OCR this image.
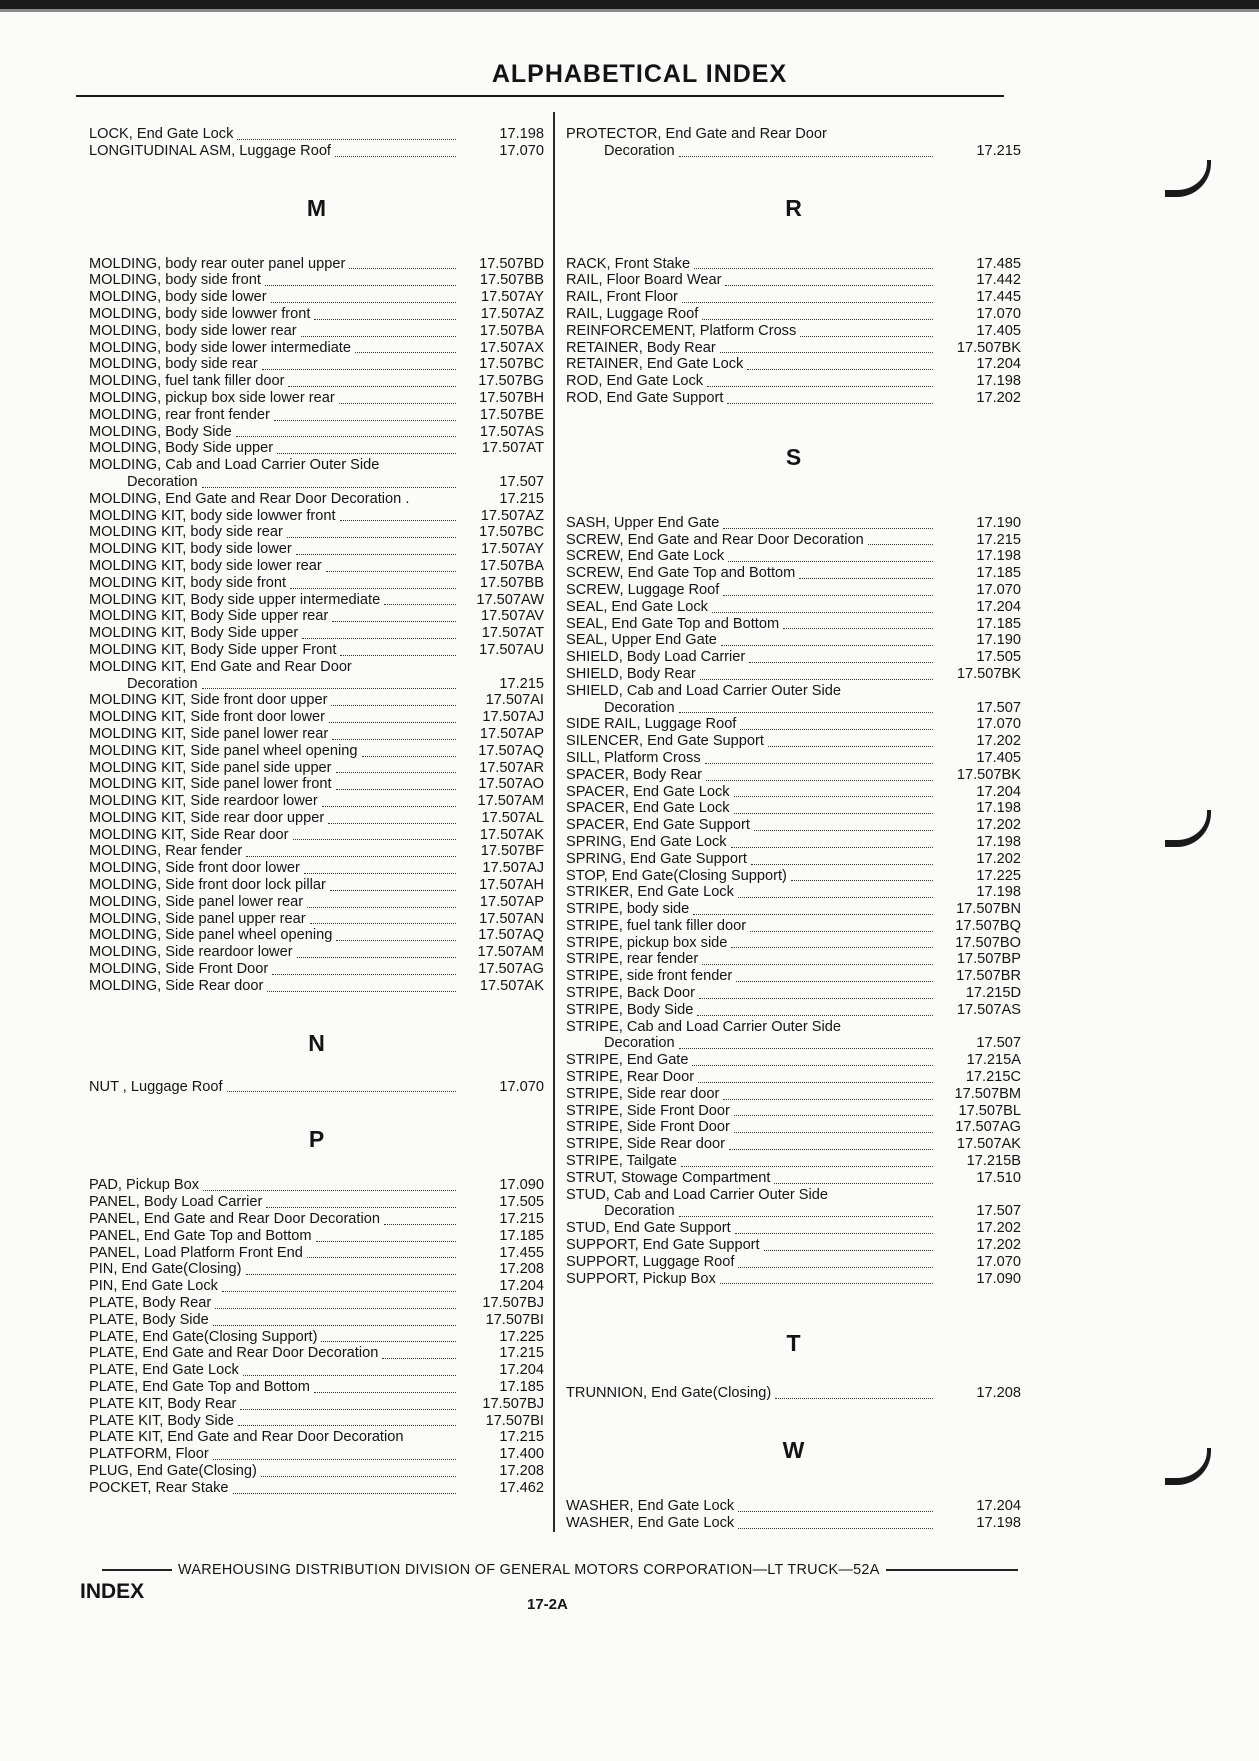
ALPHABETICAL INDEX
LOCK, End Gate Lock	17.198
LONGITUDINAL ASM, Luggage Roof	17.070
M
MOLDING, body rear outer panel upper	17.507BD
MOLDING, body side front	17.507BB
MOLDING, body side lower	17.507AY
MOLDING, body side lowwer front	17.507AZ
MOLDING, body side lower rear	17.507BA
MOLDING, body side lower intermediate	17.507AX
MOLDING, body side rear	17.507BC
MOLDING, fuel tank filler door	17.507BG
MOLDING, pickup box side lower rear	17.507BH
MOLDING, rear front fender	17.507BE
MOLDING, Body Side	17.507AS
MOLDING, Body Side upper	17.507AT
MOLDING, Cab and Load Carrier Outer Side
Decoration	17.507
MOLDING, End Gate and Rear Door Decoration .	17.215
MOLDING KIT, body side lowwer front	17.507AZ
MOLDING KIT, body side rear	17.507BC
MOLDING KIT, body side lower	17.507AY
MOLDING KIT, body side lower rear	17.507BA
MOLDING KIT, body side front	17.507BB
MOLDING KIT, Body side upper intermediate	17.507AW
MOLDING KIT, Body Side upper rear	17.507AV
MOLDING KIT, Body Side upper	17.507AT
MOLDING KIT, Body Side upper Front	17.507AU
MOLDING KIT, End Gate and Rear Door
Decoration	17.215
MOLDING KIT, Side front door upper	17.507AI
MOLDING KIT, Side front door lower	17.507AJ
MOLDING KIT, Side panel lower rear	17.507AP
MOLDING KIT, Side panel wheel opening	17.507AQ
MOLDING KIT, Side panel side upper	17.507AR
MOLDING KIT, Side panel lower front	17.507AO
MOLDING KIT, Side reardoor lower	17.507AM
MOLDING KIT, Side rear door upper	17.507AL
MOLDING KIT, Side Rear door	17.507AK
MOLDING, Rear fender	17.507BF
MOLDING, Side front door lower	17.507AJ
MOLDING, Side front door lock pillar	17.507AH
MOLDING, Side panel lower rear	17.507AP
MOLDING, Side panel upper rear	17.507AN
MOLDING, Side panel wheel opening	17.507AQ
MOLDING, Side reardoor lower	17.507AM
MOLDING, Side Front Door	17.507AG
MOLDING, Side Rear door	17.507AK
N
NUT , Luggage Roof	17.070
P
PAD, Pickup Box	17.090
PANEL, Body Load Carrier	17.505
PANEL, End Gate and Rear Door Decoration	17.215
PANEL, End Gate Top and Bottom	17.185
PANEL, Load Platform Front End	17.455
PIN, End Gate(Closing)	17.208
PIN, End Gate Lock	17.204
PLATE, Body Rear	17.507BJ
PLATE, Body Side	17.507BI
PLATE, End Gate(Closing Support)	17.225
PLATE, End Gate and Rear Door Decoration	17.215
PLATE, End Gate Lock	17.204
PLATE, End Gate Top and Bottom	17.185
PLATE KIT, Body Rear	17.507BJ
PLATE KIT, Body Side	17.507BI
PLATE KIT, End Gate and Rear Door Decoration	17.215
PLATFORM, Floor	17.400
PLUG, End Gate(Closing)	17.208
POCKET, Rear Stake	17.462
PROTECTOR, End Gate and Rear Door
Decoration	17.215
R
RACK, Front Stake	17.485
RAIL, Floor Board Wear	17.442
RAIL, Front Floor	17.445
RAIL, Luggage Roof	17.070
REINFORCEMENT, Platform Cross	17.405
RETAINER, Body Rear	17.507BK
RETAINER, End Gate Lock	17.204
ROD, End Gate Lock	17.198
ROD, End Gate Support	17.202
S
SASH, Upper End Gate	17.190
SCREW, End Gate and Rear Door Decoration	17.215
SCREW, End Gate Lock	17.198
SCREW, End Gate Top and Bottom	17.185
SCREW, Luggage Roof	17.070
SEAL, End Gate Lock	17.204
SEAL, End Gate Top and Bottom	17.185
SEAL, Upper End Gate	17.190
SHIELD, Body Load Carrier	17.505
SHIELD, Body Rear	17.507BK
SHIELD, Cab and Load Carrier Outer Side
Decoration	17.507
SIDE RAIL, Luggage Roof	17.070
SILENCER, End Gate Support	17.202
SILL, Platform Cross	17.405
SPACER, Body Rear	17.507BK
SPACER, End Gate Lock	17.204
SPACER, End Gate Lock	17.198
SPACER, End Gate Support	17.202
SPRING, End Gate Lock	17.198
SPRING, End Gate Support	17.202
STOP, End Gate(Closing Support)	17.225
STRIKER, End Gate Lock	17.198
STRIPE, body side	17.507BN
STRIPE, fuel tank filler door	17.507BQ
STRIPE, pickup box side	17.507BO
STRIPE, rear fender	17.507BP
STRIPE, side front fender	17.507BR
STRIPE, Back Door	17.215D
STRIPE, Body Side	17.507AS
STRIPE, Cab and Load Carrier Outer Side
Decoration	17.507
STRIPE, End Gate	17.215A
STRIPE, Rear Door	17.215C
STRIPE, Side rear door	17.507BM
STRIPE, Side Front Door	17.507BL
STRIPE, Side Front Door	17.507AG
STRIPE, Side Rear door	17.507AK
STRIPE, Tailgate	17.215B
STRUT, Stowage Compartment	17.510
STUD, Cab and Load Carrier Outer Side
Decoration	17.507
STUD, End Gate Support	17.202
SUPPORT, End Gate Support	17.202
SUPPORT, Luggage Roof	17.070
SUPPORT, Pickup Box	17.090
T
TRUNNION, End Gate(Closing)	17.208
W
WASHER, End Gate Lock	17.204
WASHER, End Gate Lock	17.198
WAREHOUSING DISTRIBUTION DIVISION OF GENERAL MOTORS CORPORATION—LT TRUCK—52A
INDEX
17-2A
